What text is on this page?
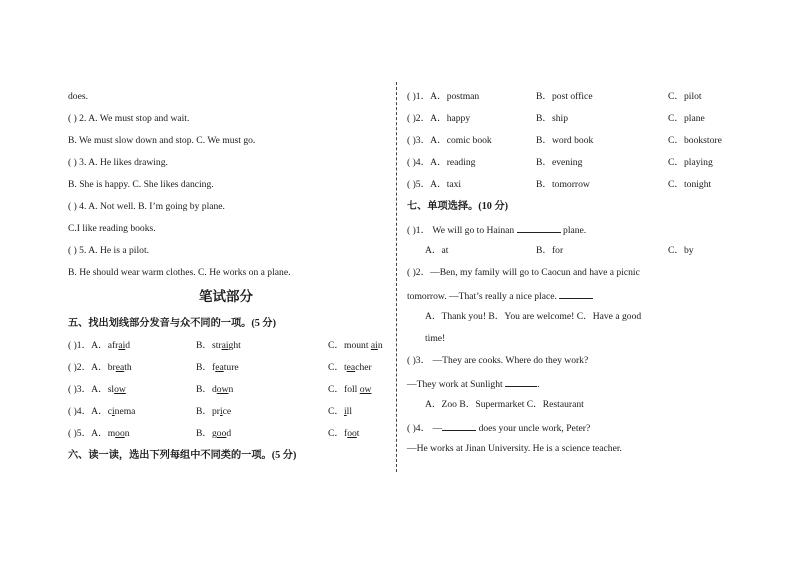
does.
( ) 2. A. We must stop and wait.
B. We must slow down and stop. C. We must go.
( ) 3. A. He likes drawing.
B. She is happy. C. She likes dancing.
( ) 4. A. Not well. B. I’m going by plane.
C.I like reading books.
( ) 5. A. He is a pilot.
B. He should wear warm clothes. C. He works on a plane.
笔试部分
五、找出划线部分发音与众不同的一项。(5 分)
( )1．A．afraid	B．straight	C．mount ain
( )2．A．breath	B．feature	C．teacher
( )3．A．slow	B．down	C．foll ow
( )4．A．cinema	B．price	C．ill
( )5．A．moon	B．good	C．foot
六、读一读，选出下列每组中不同类的一项。(5 分)
( )1．A．postman	B．post office	C．pilot
( )2．A．happy	B．ship	C．plane
( )3．A．comic book	B．word book	C．bookstore
( )4．A．reading	B．evening	C．playing
( )5．A．taxi	B．tomorrow	C．tonight
七、单项选择。(10 分)
( )1． We will go to Hainan	plane.
A．at	B．for	C．by
( )2．—Ben, my family will go to Caocun and have a picnic
tomorrow. —That’s really a nice place.
A．Thank you! B．You are welcome! C．Have a good
time!
( )3． —They are cooks. Where do they work?
—They work at Sunlight	.
A．Zoo B．Supermarket C．Restaurant
( )4． —	does your uncle work, Peter?
—He works at Jinan University. He is a science teacher.
